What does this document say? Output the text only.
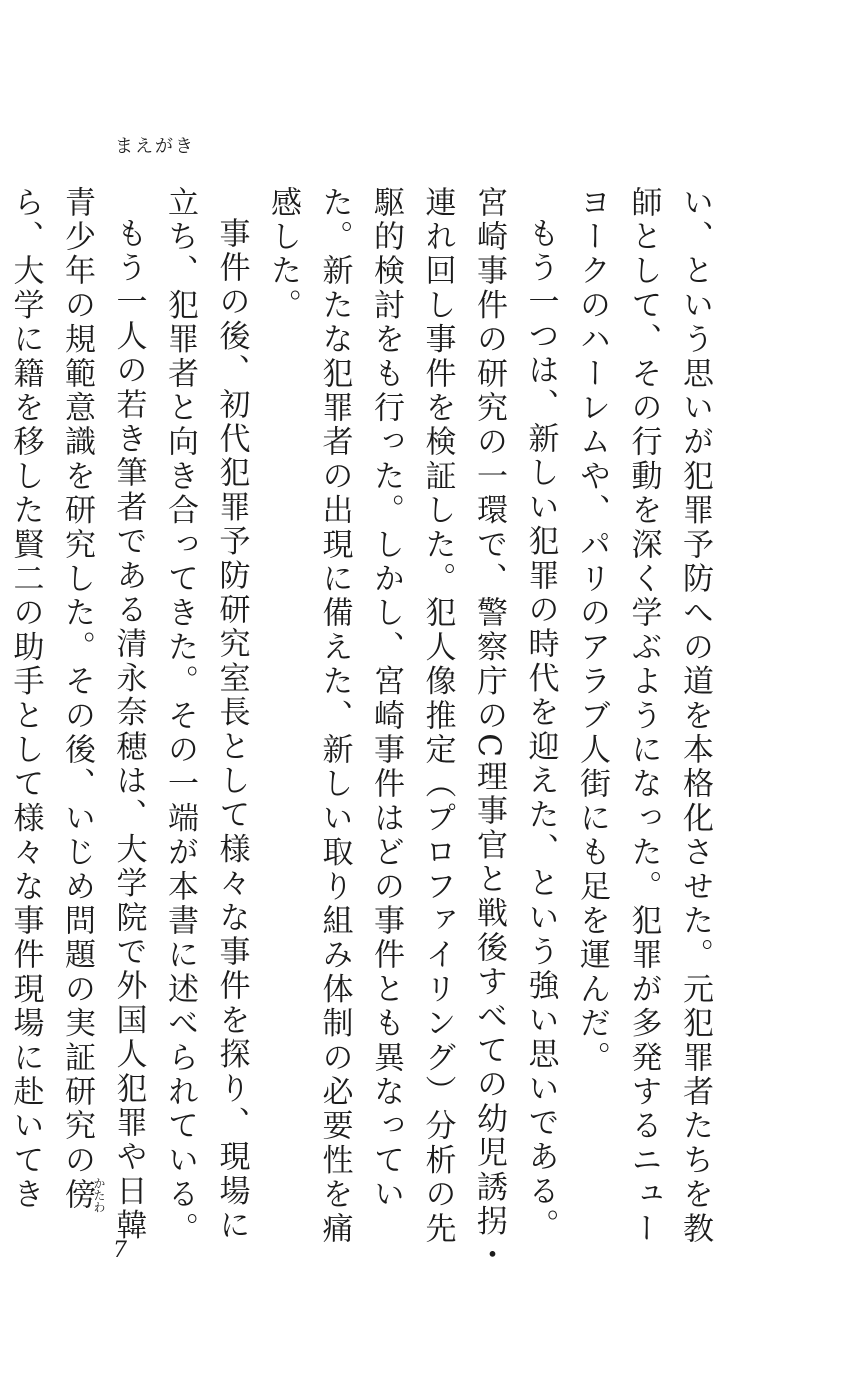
まえがき

い、という思いが犯罪予防への道を本格化させた。元犯罪者たちを教師として、その行動を深く学ぶようになった。犯罪が多発するニューヨークのハーレムや、パリのアラブ人街にも足を運んだ。

もう一つは、新しい犯罪の時代を迎えた、という強い思いである。宮崎事件の研究の一環で、警察庁のC理事官と戦後すべての幼児誘拐・連れ回し事件を検証した。犯人像推定（プロファイリング）分析の先駆的検討をも行った。しかし、宮崎事件はどの事件とも異なっていた。新たな犯罪者の出現に備えた、新しい取り組み体制の必要性を痛感した。

事件の後、初代犯罪予防研究室長として様々な事件を探り、現場に立ち、犯罪者と向き合ってきた。その一端が本書に述べられている。

もう一人の若き筆者である清永奈穂は、大学院で外国人犯罪や日韓青少年の規範意識を研究した。その後、いじめ問題の実証研究の傍かたわら、大学に籍を移した賢二の助手として様々な事件現場に赴いてき

7
